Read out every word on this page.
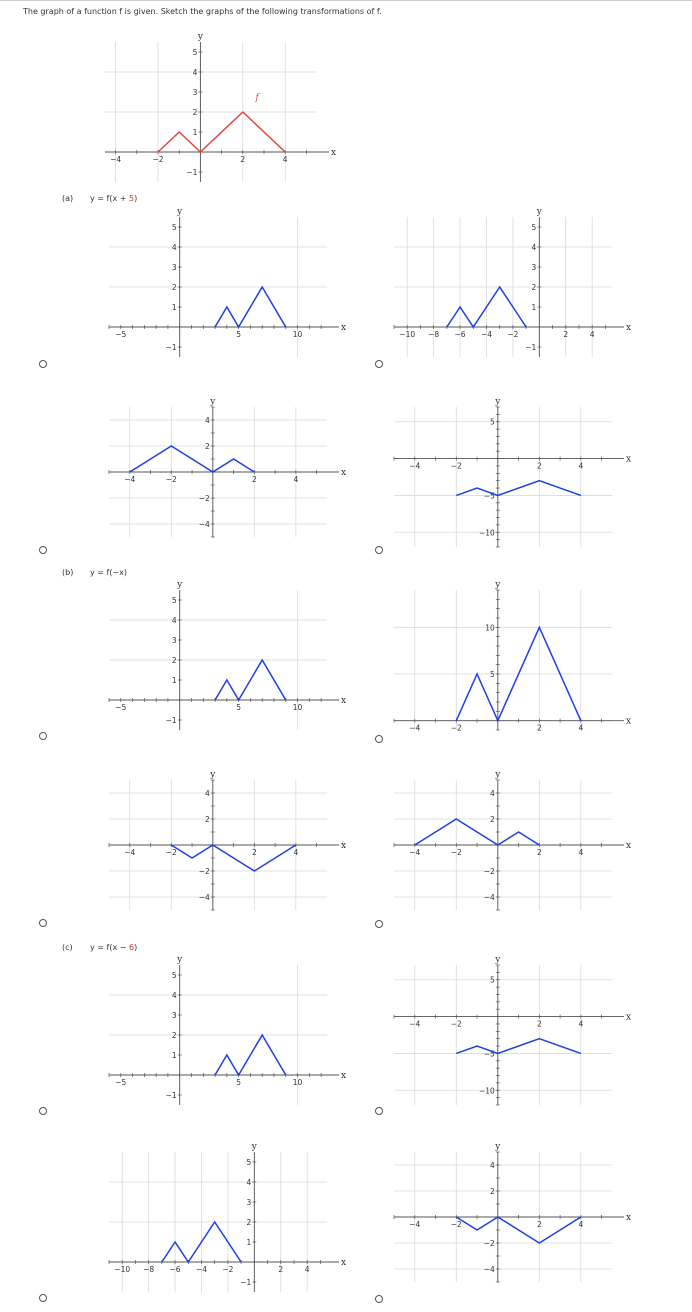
The graph of a function f is given. Sketch the graphs of the following transformations of f.
−4	−2	2	4
−1
1
2
3
4
5
x
y
f
(a) y = f(x + 5)
−5	5	10
−1
1
2
3
4
5
x
y
−10 −8 −6 −4 −2	2	4
−1
1
2
3
4
5
x
y
−4	−2	2	4
−4
−2
2
4
x
y
−4	−2	2	4
−10
−5
5
x
y
(b) y = f(−x)
−5	5	10
−1
1
2
3
4
5
x
y
−4	−2	2	4
5
10
x
y
−4	−2	2	4
−4
−2
2
4
x
y
−4	−2	2	4
−4
−2
2
4
x
y
(c) y = f(x − 6)
−5	5	10
−1
1
2
3
4
5
x
y
−4	−2	2	4
−10
−5
5
x
y
−10 −8 −6 −4 −2	2	4
−1
1
2
3
4
5
x
y
−4	−2	2	4
−4
−2
2
4
x
y
